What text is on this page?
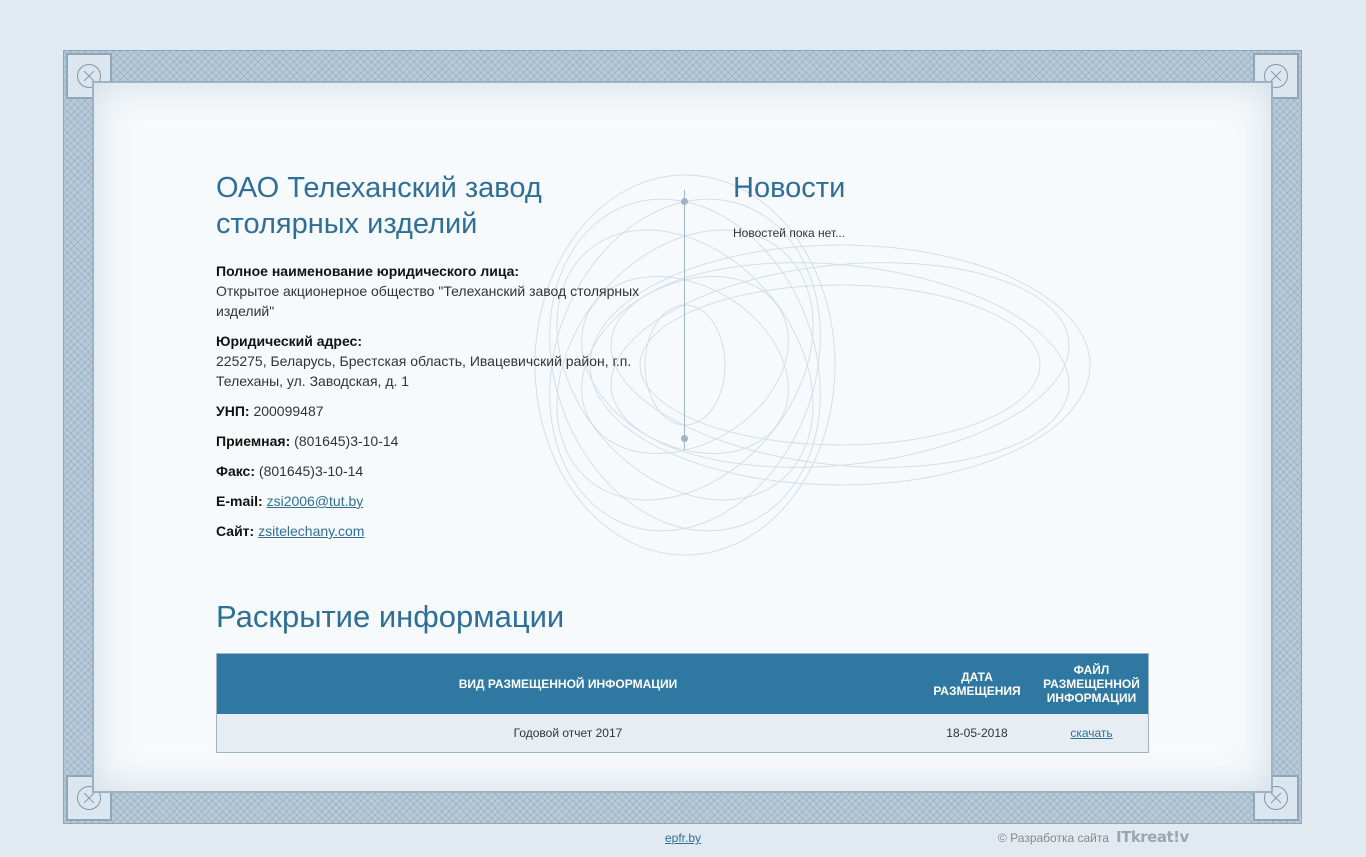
ОАО Телеханский завод столярных изделий
Полное наименование юридического лица:
Открытое акционерное общество "Телеханский завод столярных изделий"
Юридический адрес:
225275, Беларусь, Брестская область, Ивацевичский район, г.п. Телеханы, ул. Заводская, д. 1
УНП: 200099487
Приемная: (801645)3-10-14
Факс: (801645)3-10-14
E-mail: zsi2006@tut.by
Сайт: zsitelechany.com
Новости
Новостей пока нет...
Раскрытие информации
ВИД РАЗМЕЩЕННОЙ ИНФОРМАЦИИ	ДАТА РАЗМЕЩЕНИЯ	ФАЙЛ РАЗМЕЩЕННОЙ ИНФОРМАЦИИ
Годовой отчет 2017	18-05-2018	скачать
epfr.by	© Разработка сайта ITkreat!v
